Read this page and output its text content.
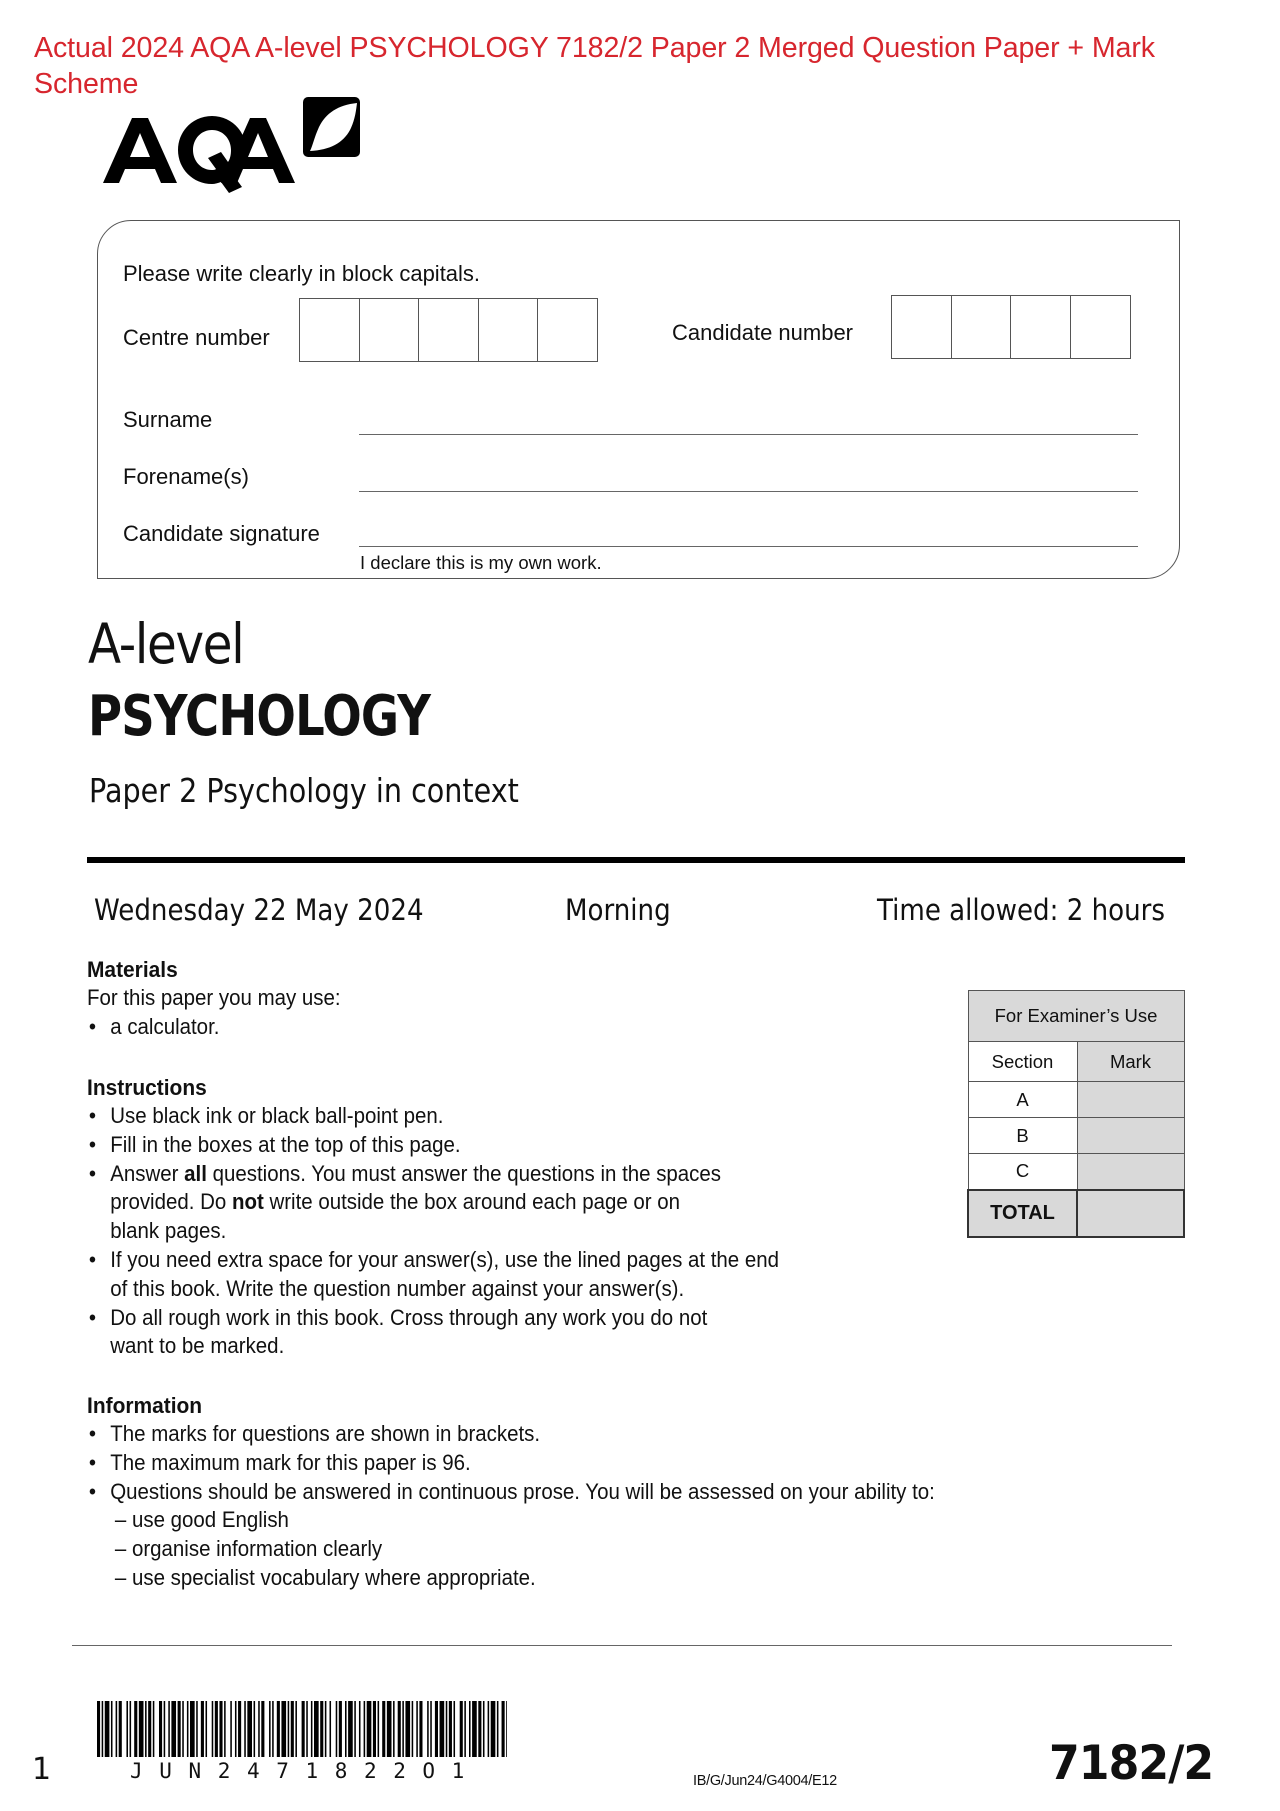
Actual 2024 AQA A-level PSYCHOLOGY 7182/2 Paper 2 Merged Question Paper + Mark Scheme
Please write clearly in block capitals.
Centre number	Candidate number
Surname
Forename(s)
Candidate signature
I declare this is my own work.
A-level
PSYCHOLOGY
Paper 2 Psychology in context
Wednesday 22 May 2024	Morning	Time allowed: 2 hours
Materials
For this paper you may use:
• a calculator.
Instructions
• Use black ink or black ball-point pen.
• Fill in the boxes at the top of this page.
• Answer all questions. You must answer the questions in the spaces
provided. Do not write outside the box around each page or on
blank pages.
• If you need extra space for your answer(s), use the lined pages at the end
of this book. Write the question number against your answer(s).
• Do all rough work in this book. Cross through any work you do not
want to be marked.
Information
• The marks for questions are shown in brackets.
• The maximum mark for this paper is 96.
• Questions should be answered in continuous prose. You will be assessed on your ability to:
– use good English
– organise information clearly
– use specialist vocabulary where appropriate.
For Examiner’s Use	
Section	Mark
A	
B	
C	
TOTAL	
1	JUN2471822O1	IB/G/Jun24/G4004/E12	7182/2
